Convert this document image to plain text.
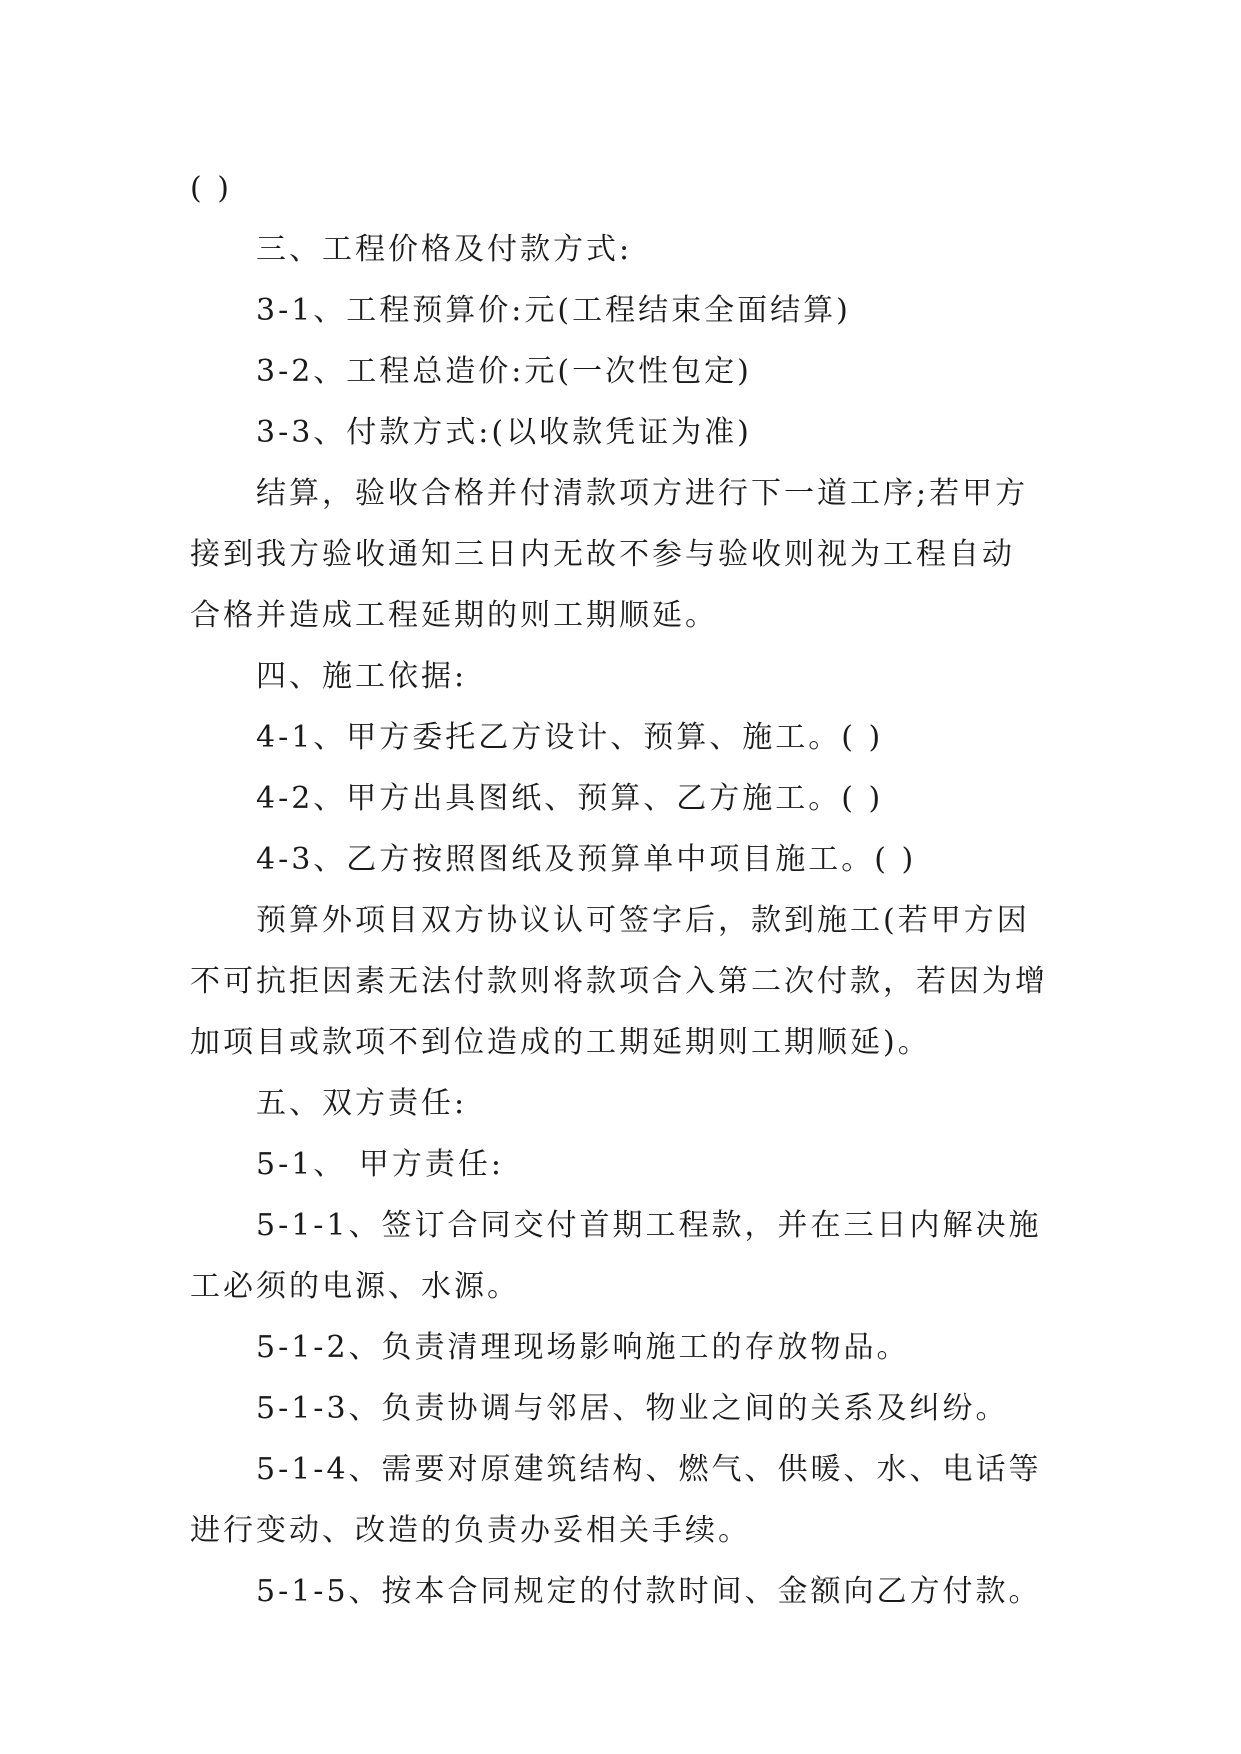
( )
三、工程价格及付款方式:
3-1、工程预算价:元(工程结束全面结算)
3-2、工程总造价:元(一次性包定)
3-3、付款方式:(以收款凭证为准)
结算，验收合格并付清款项方进行下一道工序;若甲方
接到我方验收通知三日内无故不参与验收则视为工程自动
合格并造成工程延期的则工期顺延。
四、施工依据:
4-1、甲方委托乙方设计、预算、施工。( )
4-2、甲方出具图纸、预算、乙方施工。( )
4-3、乙方按照图纸及预算单中项目施工。( )
预算外项目双方协议认可签字后，款到施工(若甲方因
不可抗拒因素无法付款则将款项合入第二次付款，若因为增
加项目或款项不到位造成的工期延期则工期顺延)。
五、双方责任:
5-1、 甲方责任:
5-1-1、签订合同交付首期工程款，并在三日内解决施
工必须的电源、水源。
5-1-2、负责清理现场影响施工的存放物品。
5-1-3、负责协调与邻居、物业之间的关系及纠纷。
5-1-4、需要对原建筑结构、燃气、供暖、水、电话等
进行变动、改造的负责办妥相关手续。
5-1-5、按本合同规定的付款时间、金额向乙方付款。
